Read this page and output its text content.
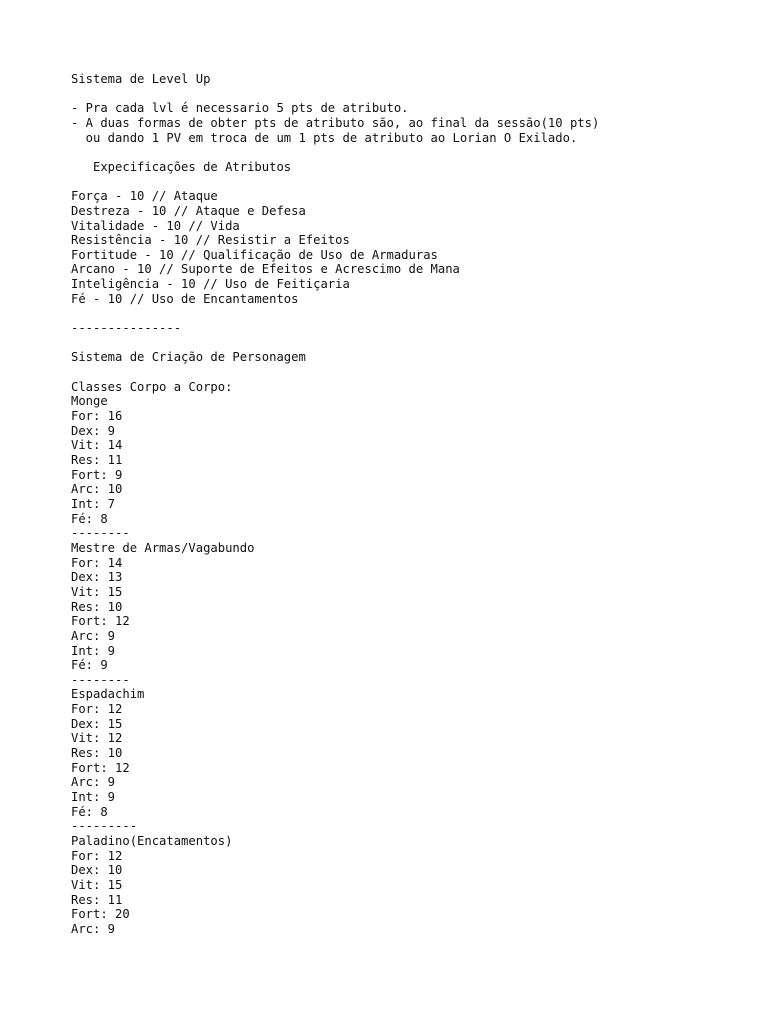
Sistema de Level Up
- Pra cada lvl é necessario 5 pts de atributo.
- A duas formas de obter pts de atributo são, ao final da sessão(10 pts)
ou dando 1 PV em troca de um 1 pts de atributo ao Lorian O Exilado.
Expecificações de Atributos
Força - 10 // Ataque
Destreza - 10 // Ataque e Defesa
Vitalidade - 10 // Vida
Resistência - 10 // Resistir a Efeitos
Fortitude - 10 // Qualificação de Uso de Armaduras
Arcano - 10 // Suporte de Efeitos e Acrescimo de Mana
Inteligência - 10 // Uso de Feitiçaria
Fé - 10 // Uso de Encantamentos
---------------
Sistema de Criação de Personagem
Classes Corpo a Corpo:
Monge
For: 16
Dex: 9
Vit: 14
Res: 11
Fort: 9
Arc: 10
Int: 7
Fé: 8
--------
Mestre de Armas/Vagabundo
For: 14
Dex: 13
Vit: 15
Res: 10
Fort: 12
Arc: 9
Int: 9
Fé: 9
--------
Espadachim
For: 12
Dex: 15
Vit: 12
Res: 10
Fort: 12
Arc: 9
Int: 9
Fé: 8
---------
Paladino(Encatamentos)
For: 12
Dex: 10
Vit: 15
Res: 11
Fort: 20
Arc: 9
